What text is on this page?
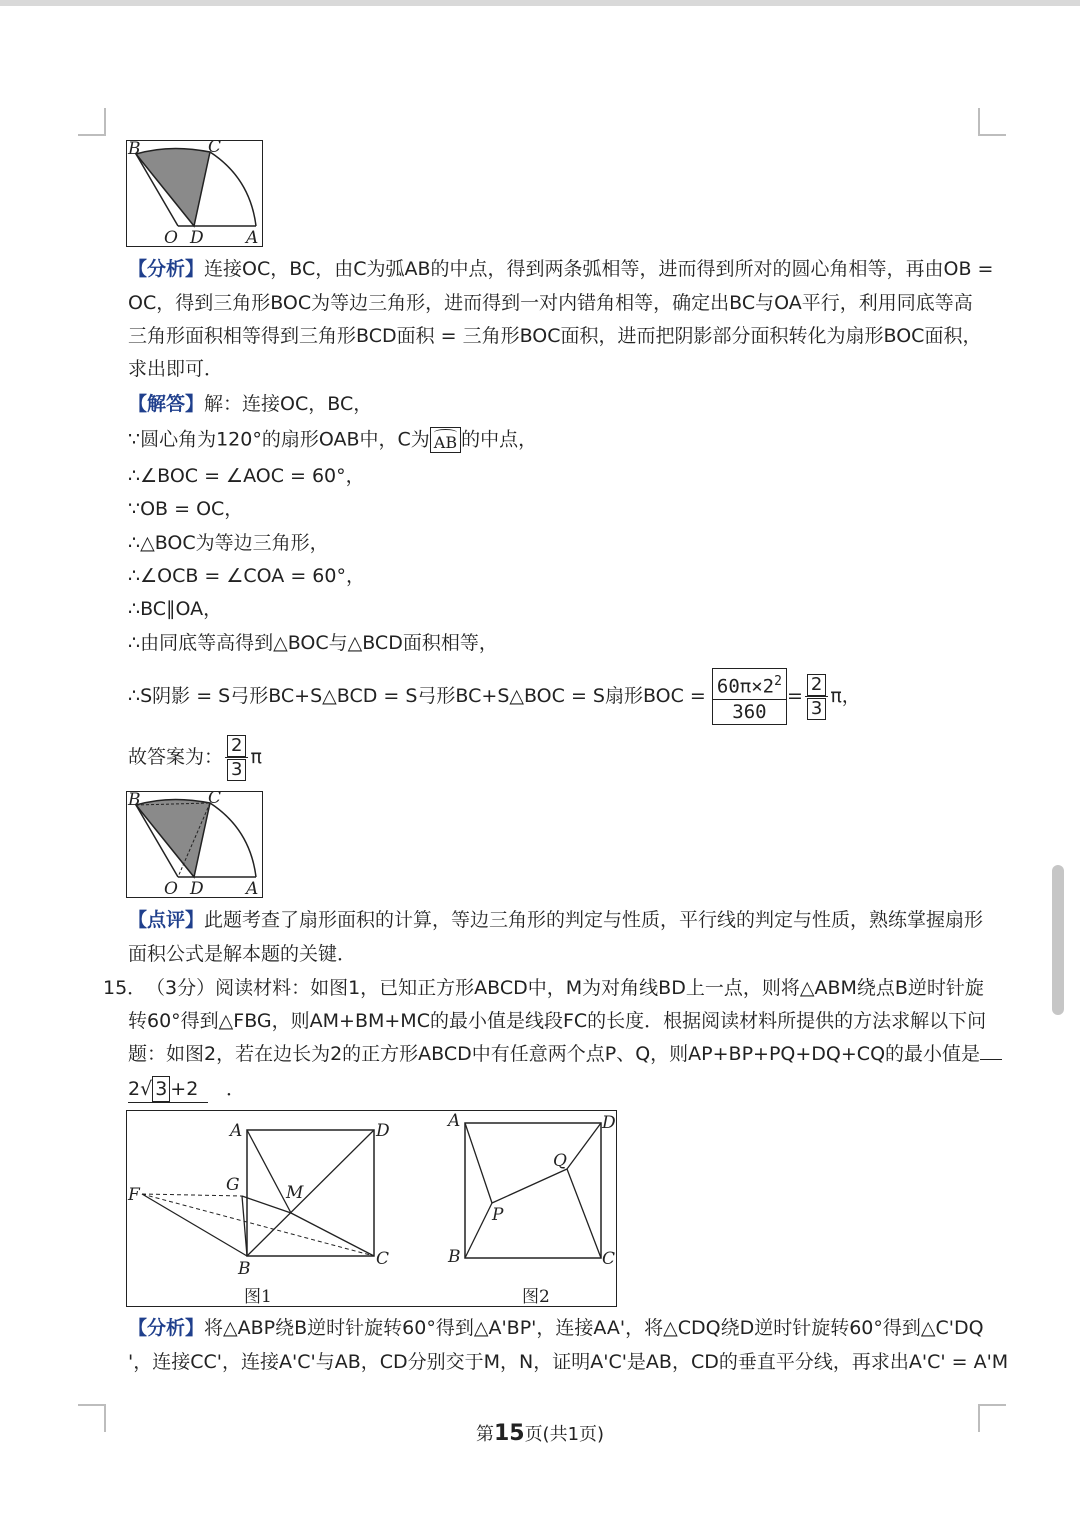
B	C
O D A
【分析】连接OC，BC，由C为弧AB的中点，得到两条弧相等，进而得到所对的圆心角相等，再由OB =
OC，得到三角形BOC为等边三角形，进而得到一对内错角相等，确定出BC与OA平行，利用同底等高
三角形面积相等得到三角形BCD面积 = 三角形BOC面积，进而把阴影部分面积转化为扇形BOC面积，
求出即可．
【解答】解：连接OC，BC，
∵圆心角为120°的扇形OAB中，C为 AB 的中点，
∴∠BOC = ∠AOC = 60°，
∵OB = OC，
∴△BOC为等边三角形，
∴∠OCB = ∠COA = 60°，
∴BC∥OA，
∴由同底等高得到△BOC与△BCD面积相等，
∴S阴影 = S弓形BC+S△BCD = S弓形BC+S△BOC = S扇形BOC = $\frac{60\pi\times 2^2}{360} = \frac{2}{3}$ π，
故答案为： $\frac{2}{3}$ π
B	C
O D A
【点评】此题考查了扇形面积的计算，等边三角形的判定与性质，平行线的判定与性质，熟练掌握扇形
面积公式是解本题的关键．
15． （3分）阅读材料：如图1，已知正方形ABCD中，M为对角线BD上一点，则将△ABM绕点B逆时针旋
转60°得到△FBG，则AM+BM+MC的最小值是线段FC的长度．根据阅读材料所提供的方法求解以下问
题：如图2，若在边长为2的正方形ABCD中有任意两个点P、Q，则AP+BP+PQ+DQ+CQ的最小值是
2√ 3 +2 ．
A	D
G	M
F
B	C
图1
A	D
Q
P
B	C
图2
【分析】将△ABP绕B逆时针旋转60°得到△A'BP'，连接AA'，将△CDQ绕D逆时针旋转60°得到△C'DQ
'，连接CC'，连接A'C'与AB，CD分别交于M，N，证明A'C'是AB，CD的垂直平分线，再求出A'C' = A'M
第15页(共1页)
